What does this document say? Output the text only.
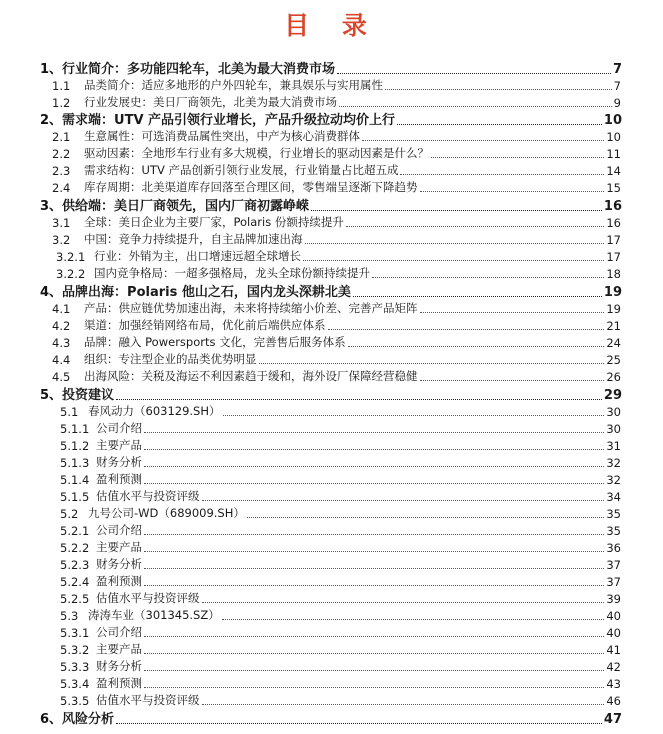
目 录
1、 行业简介：多功能四轮车，北美为最大消费市场	7
1.1	品类简介：适应多地形的户外四轮车，兼具娱乐与实用属性	7
1.2	行业发展史：美日厂商领先，北美为最大消费市场	9
2、 需求端：UTV 产品引领行业增长，产品升级拉动均价上行	10
2.1	生意属性：可选消费品属性突出，中产为核心消费群体	10
2.2	驱动因素：全地形车行业有多大规模，行业增长的驱动因素是什么？	11
2.3	需求结构：UTV 产品创新引领行业发展，行业销量占比超五成	14
2.4	库存周期：北美渠道库存回落至合理区间，零售端呈逐渐下降趋势	15
3、 供给端：美日厂商领先，国内厂商初露峥嵘	16
3.1	全球：美日企业为主要厂家，Polaris 份额持续提升	16
3.2	中国：竞争力持续提升，自主品牌加速出海	17
3.2.1 行业：外销为主，出口增速远超全球增长	17
3.2.2 国内竞争格局：一超多强格局，龙头全球份额持续提升	18
4、 品牌出海：Polaris 他山之石，国内龙头深耕北美	19
4.1	产品：供应链优势加速出海，未来将持续缩小价差、完善产品矩阵	19
4.2	渠道：加强经销网络布局，优化前后端供应体系	21
4.3	品牌：融入 Powersports 文化，完善售后服务体系	24
4.4	组织：专注型企业的品类优势明显	25
4.5	出海风险：关税及海运不利因素趋于缓和，海外设厂保障经营稳健	26
5、 投资建议	29
5.1 春风动力（603129.SH）	30
5.1.1 公司介绍	30
5.1.2 主要产品	31
5.1.3 财务分析	32
5.1.4 盈利预测	32
5.1.5 估值水平与投资评级	34
5.2 九号公司-WD（689009.SH）	35
5.2.1 公司介绍	35
5.2.2 主要产品	36
5.2.3 财务分析	37
5.2.4 盈利预测	37
5.2.5 估值水平与投资评级	39
5.3 涛涛车业（301345.SZ）	40
5.3.1 公司介绍	40
5.3.2 主要产品	41
5.3.3 财务分析	42
5.3.4 盈利预测	43
5.3.5 估值水平与投资评级	46
6、 风险分析	47
